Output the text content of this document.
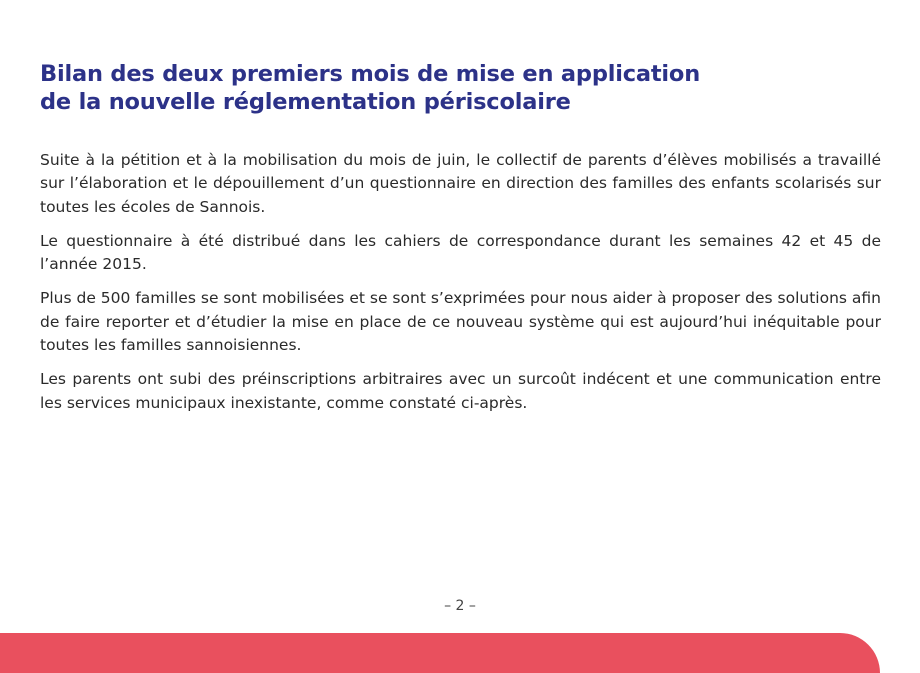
Bilan des deux premiers mois de mise en application
de la nouvelle réglementation périscolaire

Suite à la pétition et à la mobilisation du mois de juin, le collectif de parents d’élèves mobilisés a travaillé sur l’élaboration et le dépouillement d’un questionnaire en direction des familles des enfants scolarisés sur toutes les écoles de Sannois.

Le questionnaire à été distribué dans les cahiers de correspondance durant les semaines 42 et 45 de l’année 2015.

Plus de 500 familles se sont mobilisées et se sont s’exprimées pour nous aider à proposer des solutions afin de faire reporter et d’étudier la mise en place de ce nouveau système qui est aujourd’hui inéquitable pour toutes les familles sannoisiennes.

Les parents ont subi des préinscriptions arbitraires avec un surcoût indécent et une communication entre les services municipaux inexistante, comme constaté ci-après.

– 2 –
